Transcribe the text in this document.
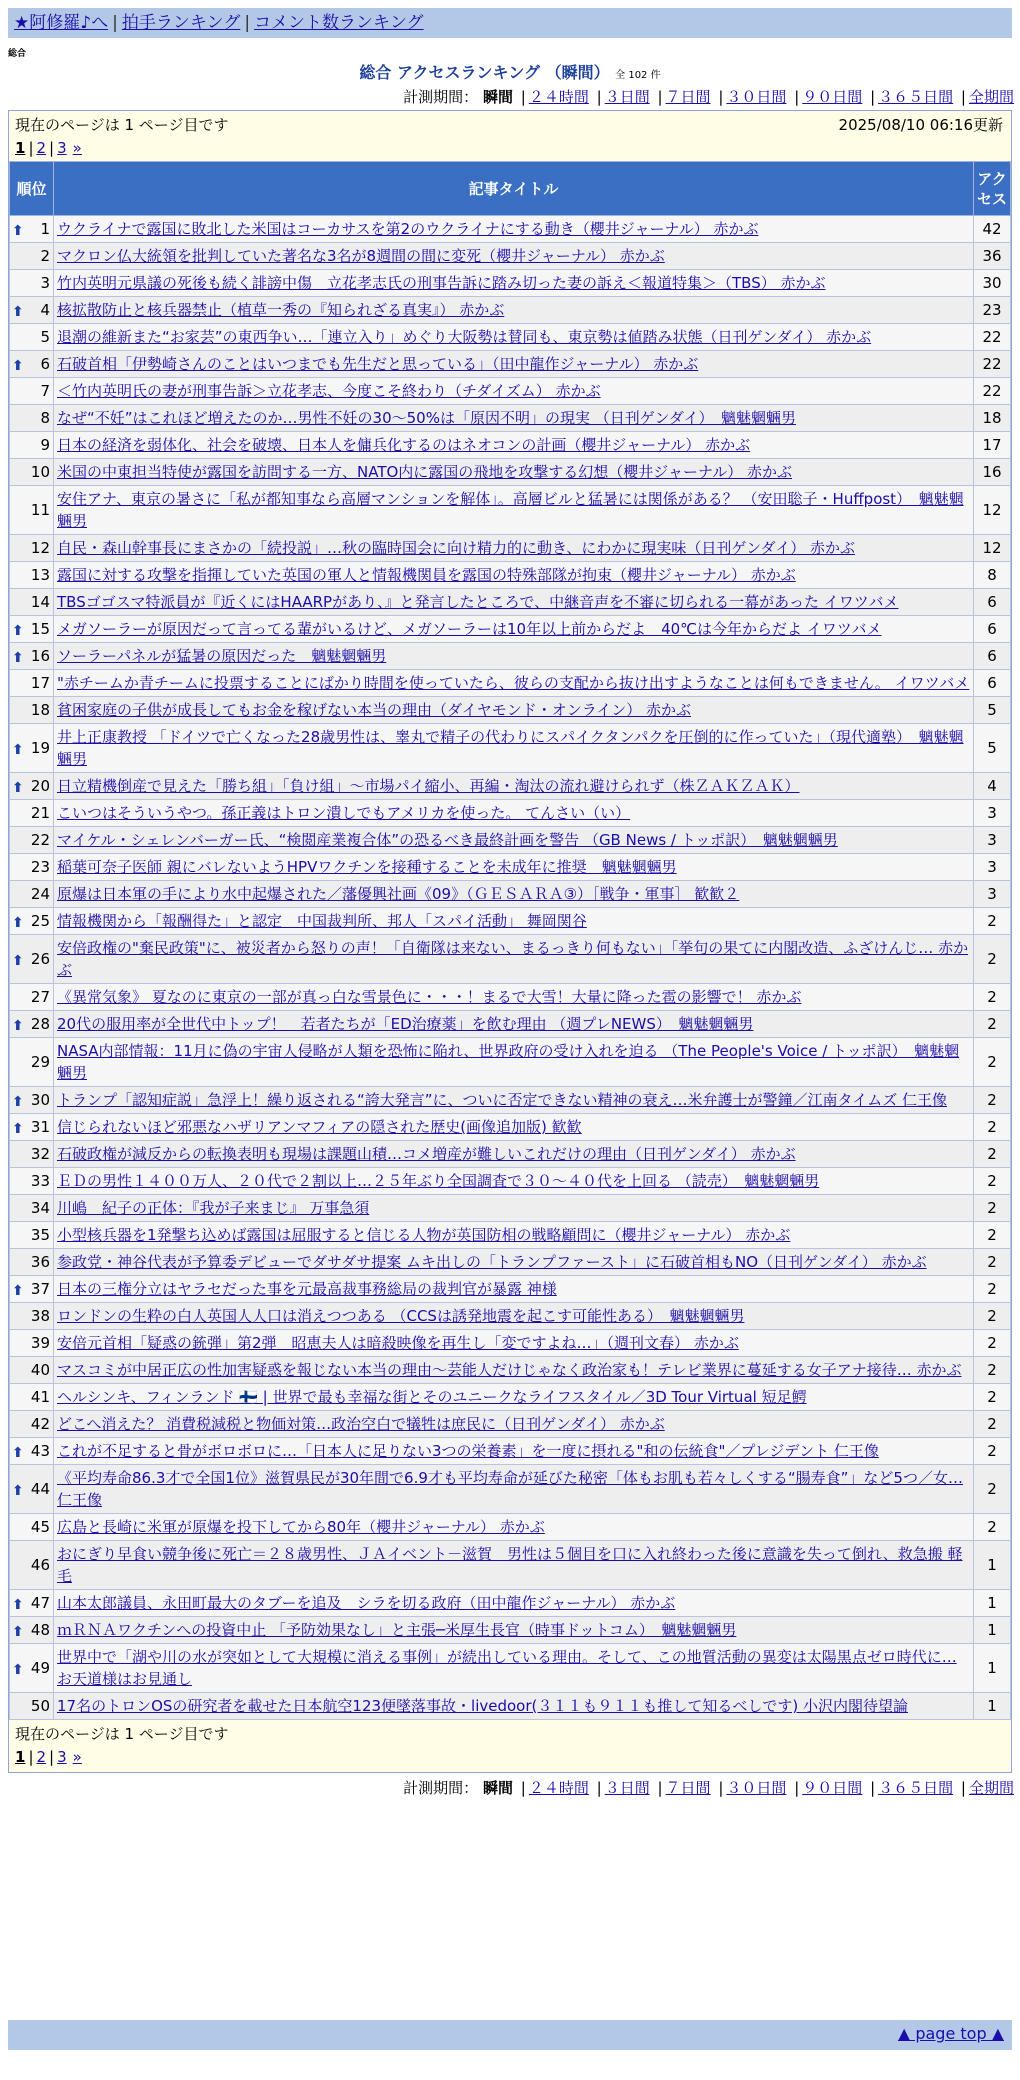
★阿修羅♪へ | 拍手ランキング | コメント数ランキング
総合
総合 アクセスランキング （瞬間） 全 102 件
計測期間： 瞬間 | ２４時間 | ３日間 | ７日間 | ３０日間 | ９０日間 | ３６５日間 | 全期間
現在のページは 1 ページ目です	2025/08/10 06:16更新
1 | 2 | 3 »
順位	記事タイトル	アクセス

⬆ 1	ウクライナで露国に敗北した米国はコーカサスを第2のウクライナにする動き（櫻井ジャーナル） 赤かぶ	42
2	マクロン仏大統領を批判していた著名な3名が8週間の間に変死（櫻井ジャーナル） 赤かぶ	36
3	竹内英明元県議の死後も続く誹謗中傷　立花孝志氏の刑事告訴に踏み切った妻の訴え＜報道特集＞（TBS） 赤かぶ	30

⬆ 4	核拡散防止と核兵器禁止（植草一秀の『知られざる真実』） 赤かぶ	23
5	退潮の維新また“お家芸”の東西争い…「連立入り」めぐり大阪勢は賛同も、東京勢は値踏み状態（日刊ゲンダイ） 赤かぶ	22

⬆ 6	石破首相「伊勢崎さんのことはいつまでも先生だと思っている」（田中龍作ジャーナル） 赤かぶ	22
7	＜竹内英明氏の妻が刑事告訴＞立花孝志、今度こそ終わり（チダイズム） 赤かぶ	22
8	なぜ“不妊”はこれほど増えたのか…男性不妊の30～50%は「原因不明」の現実 （日刊ゲンダイ）　魑魅魍魎男	18
9	日本の経済を弱体化、社会を破壊、日本人を傭兵化するのはネオコンの計画（櫻井ジャーナル） 赤かぶ	17
10	米国の中東担当特使が露国を訪問する一方、NATO内に露国の飛地を攻撃する幻想（櫻井ジャーナル） 赤かぶ	16
11	安住アナ、東京の暑さに「私が都知事なら高層マンションを解体」。高層ビルと猛暑には関係がある？ （安田聡子・Huffpost）　魑魅魍魎男	12
12	自民・森山幹事長にまさかの「続投説」…秋の臨時国会に向け精力的に動き、にわかに現実味（日刊ゲンダイ） 赤かぶ	12
13	露国に対する攻撃を指揮していた英国の軍人と情報機関員を露国の特殊部隊が拘束（櫻井ジャーナル） 赤かぶ	8
14	TBSゴゴスマ特派員が『近くにはHAARPがあり、』と発言したところで、中継音声を不審に切られる一幕があった イワツバメ	6

⬆ 15	メガソーラーが原因だって言ってる輩がいるけど、メガソーラーは10年以上前からだよ　40℃は今年からだよ イワツバメ	6

⬆ 16	ソーラーパネルが猛暑の原因だった　魑魅魍魎男	6
17	"赤チームか青チームに投票することにばかり時間を使っていたら、彼らの支配から抜け出すようなことは何もできません。 イワツバメ	6
18	貧困家庭の子供が成長してもお金を稼げない本当の理由（ダイヤモンド・オンライン） 赤かぶ	5

⬆ 19	井上正康教授 「ドイツで亡くなった28歳男性は、睾丸で精子の代わりにスパイクタンパクを圧倒的に作っていた」（現代適塾）　魑魅魍魎男	5

⬆ 20	日立精機倒産で見えた「勝ち組」「負け組」～市場パイ縮小、再編・淘汰の流れ避けられず（株ＺＡＫＺＡＫ）	4
21	こいつはそういうやつ。孫正義はトロン潰しでもアメリカを使った。 てんさい（い）	3
22	マイケル・シェレンバーガー氏、“検閲産業複合体”の恐るべき最終計画を警告 （GB News / トッポ訳）　魑魅魍魎男	3
23	稲葉可奈子医師 親にバレないようHPVワクチンを接種することを未成年に推奨　魑魅魍魎男	3
24	原爆は日本軍の手により水中起爆された／藩優興社画《09》（ＧＥＳＡＲＡ③）［戦争・軍事］ 歓歓２	3

⬆ 25	情報機関から「報酬得た」と認定　中国裁判所、邦人「スパイ活動」 舞岡関谷	2

⬆ 26	安倍政権の"棄民政策"に、被災者から怒りの声！「自衛隊は来ない、まるっきり何もない」「挙句の果てに内閣改造、ふざけんじ… 赤かぶ	2
27	《異常気象》 夏なのに東京の一部が真っ白な雪景色に・・・！まるで大雪！大量に降った雹の影響で！ 赤かぶ	2

⬆ 28	20代の服用率が全世代中トップ！　若者たちが「ED治療薬」を飲む理由 （週プレNEWS）　魑魅魍魎男	2
29	NASA内部情報：11月に偽の宇宙人侵略が人類を恐怖に陥れ、世界政府の受け入れを迫る （The People's Voice / トッポ訳）　魑魅魍魎男	2

⬆ 30	トランプ「認知症説」急浮上！繰り返される“誇大発言”に、ついに否定できない精神の衰え…米弁護士が警鐘／江南タイムズ 仁王像	2

⬆ 31	信じられないほど邪悪なハザリアンマフィアの隠された歴史(画像追加版) 歓歓	2
32	石破政権が減反からの転換表明も現場は課題山積…コメ増産が難しいこれだけの理由（日刊ゲンダイ） 赤かぶ	2
33	ＥＤの男性１４００万人、２０代で２割以上…２５年ぶり全国調査で３０～４０代を上回る （読売）　魑魅魍魎男	2
34	川嶋　紀子の正体：『我が子来まじ』 万事急須	2
35	小型核兵器を1発撃ち込めば露国は屈服すると信じる人物が英国防相の戦略顧問に（櫻井ジャーナル） 赤かぶ	2
36	参政党・神谷代表が予算委デビューでダサダサ提案 ムキ出しの「トランプファースト」に石破首相もNO（日刊ゲンダイ） 赤かぶ	2

⬆ 37	日本の三権分立はヤラセだった事を元最高裁事務総局の裁判官が暴露 神様	2
38	ロンドンの生粋の白人英国人人口は消えつつある （CCSは誘発地震を起こす可能性ある）　魑魅魍魎男	2
39	安倍元首相「疑惑の銃弾」第2弾　昭恵夫人は暗殺映像を再生し「変ですよね…」（週刊文春） 赤かぶ	2
40	マスコミが中居正広の性加害疑惑を報じない本当の理由～芸能人だけじゃなく政治家も！テレビ業界に蔓延する女子アナ接待… 赤かぶ	2
41	ヘルシンキ、フィンランド 🇫🇮 | 世界で最も幸福な街とそのユニークなライフスタイル／3D Tour Virtual 短足鰐	2
42	どこへ消えた？ 消費税減税と物価対策…政治空白で犠牲は庶民に（日刊ゲンダイ） 赤かぶ	2

⬆ 43	これが不足すると骨がボロボロに…「日本人に足りない3つの栄養素」を一度に摂れる"和の伝統食"／プレジデント 仁王像	2

⬆ 44	《平均寿命86.3才で全国1位》滋賀県民が30年間で6.9才も平均寿命が延びた秘密「体もお肌も若々しくする“腸寿食”」など5つ／女… 仁王像	2
45	広島と長崎に米軍が原爆を投下してから80年（櫻井ジャーナル） 赤かぶ	2
46	おにぎり早食い競争後に死亡＝２８歳男性、ＪＡイベント－滋賀　男性は５個目を口に入れ終わった後に意識を失って倒れ、救急搬 軽毛	1

⬆ 47	山本太郎議員、永田町最大のタブーを追及　シラを切る政府（田中龍作ジャーナル） 赤かぶ	1

⬆ 48	ｍＲＮＡワクチンへの投資中止 「予防効果なし」と主張─米厚生長官（時事ドットコム）　魑魅魍魎男	1

⬆ 49	世界中で「湖や川の水が突如として大規模に消える事例」が続出している理由。そして、この地質活動の異変は太陽黒点ゼロ時代に… お天道様はお見通し	1
50	17名のトロンOSの研究者を載せた日本航空123便墜落事故・livedoor(３１１も９１１も推して知るべしです) 小沢内閣待望論	1
現在のページは 1 ページ目です
1 | 2 | 3 »
計測期間： 瞬間 | ２４時間 | ３日間 | ７日間 | ３０日間 | ９０日間 | ３６５日間 | 全期間
▲ page top ▲
